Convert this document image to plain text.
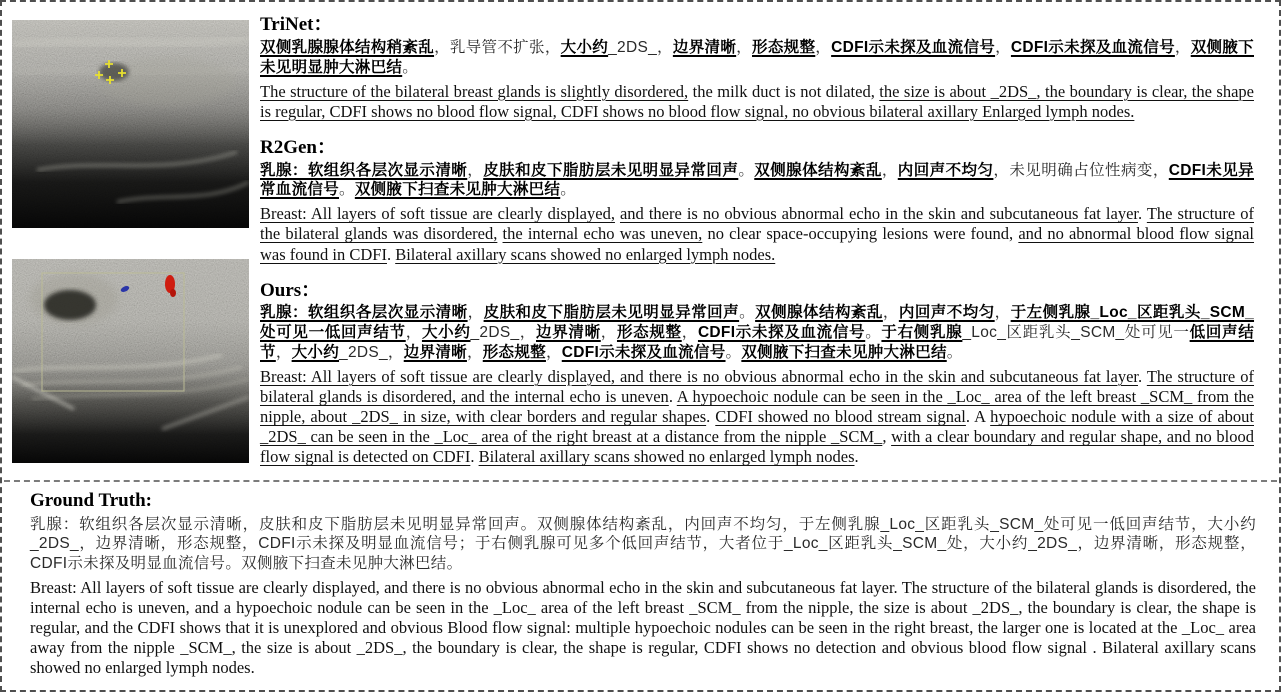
TriNet：

双侧乳腺腺体结构稍紊乱，乳导管不扩张，大小约_2DS_，边界清晰，形态规整，CDFI示未探及血流信号，CDFI示未探及血流信号，双侧腋下未见明显肿大淋巴结。

The structure of the bilateral breast glands is slightly disordered, the milk duct is not dilated, the size is about _2DS_, the boundary is clear, the shape is regular, CDFI shows no blood flow signal, CDFI shows no blood flow signal, no obvious bilateral axillary Enlarged lymph nodes.

R2Gen：

乳腺：软组织各层次显示清晰，皮肤和皮下脂肪层未见明显异常回声。双侧腺体结构紊乱，内回声不均匀，未见明确占位性病变，CDFI未见异常血流信号。双侧腋下扫查未见肿大淋巴结。

Breast: All layers of soft tissue are clearly displayed, and there is no obvious abnormal echo in the skin and subcutaneous fat layer. The structure of the bilateral glands was disordered, the internal echo was uneven, no clear space-occupying lesions were found, and no abnormal blood flow signal was found in CDFI. Bilateral axillary scans showed no enlarged lymph nodes.

Ours：

乳腺：软组织各层次显示清晰，皮肤和皮下脂肪层未见明显异常回声。双侧腺体结构紊乱，内回声不均匀，于左侧乳腺_Loc_区距乳头_SCM_处可见一低回声结节，大小约_2DS_，边界清晰，形态规整，CDFI示未探及血流信号。于右侧乳腺_Loc_区距乳头_SCM_处可见一低回声结节，大小约_2DS_，边界清晰，形态规整，CDFI示未探及血流信号。双侧腋下扫查未见肿大淋巴结。

Breast: All layers of soft tissue are clearly displayed, and there is no obvious abnormal echo in the skin and subcutaneous fat layer. The structure of bilateral glands is disordered, and the internal echo is uneven. A hypoechoic nodule can be seen in the _Loc_ area of the left breast _SCM_ from the nipple, about _2DS_ in size, with clear borders and regular shapes. CDFI showed no blood stream signal. A hypoechoic nodule with a size of about _2DS_ can be seen in the _Loc_ area of the right breast at a distance from the nipple _SCM_, with a clear boundary and regular shape, and no blood flow signal is detected on CDFI. Bilateral axillary scans showed no enlarged lymph nodes.

Ground Truth:

乳腺：软组织各层次显示清晰，皮肤和皮下脂肪层未见明显异常回声。双侧腺体结构紊乱，内回声不均匀，于左侧乳腺_Loc_区距乳头_SCM_处可见一低回声结节，大小约_2DS_，边界清晰，形态规整，CDFI示未探及明显血流信号；于右侧乳腺可见多个低回声结节，大者位于_Loc_区距乳头_SCM_处，大小约_2DS_，边界清晰，形态规整，CDFI示未探及明显血流信号。双侧腋下扫查未见肿大淋巴结。

Breast: All layers of soft tissue are clearly displayed, and there is no obvious abnormal echo in the skin and subcutaneous fat layer. The structure of the bilateral glands is disordered, the internal echo is uneven, and a hypoechoic nodule can be seen in the _Loc_ area of the left breast _SCM_ from the nipple, the size is about _2DS_, the boundary is clear, the shape is regular, and the CDFI shows that it is unexplored and obvious Blood flow signal: multiple hypoechoic nodules can be seen in the right breast, the larger one is located at the _Loc_ area away from the nipple _SCM_, the size is about _2DS_, the boundary is clear, the shape is regular, CDFI shows no detection and obvious blood flow signal . Bilateral axillary scans showed no enlarged lymph nodes.
